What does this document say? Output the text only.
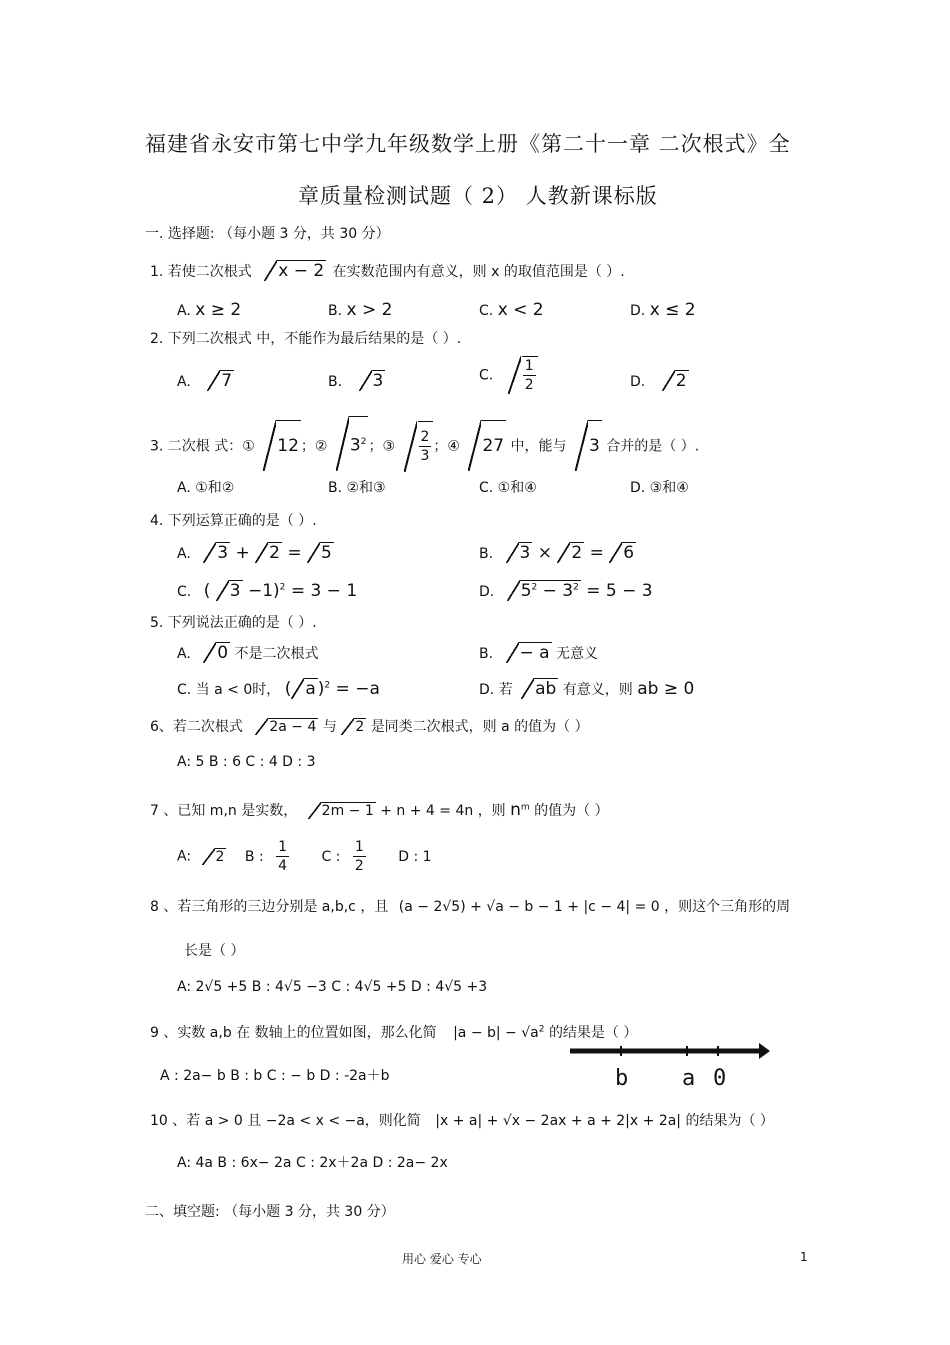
福建省永安市第七中学九年级数学上册《第二十一章 二次根式》全
章质量检测试题（ 2） 人教新课标版
一. 选择题: （每小题 3 分，共 30 分）
1. 若使二次根式 x − 2 在实数范围内有意义，则 x 的取值范围是（ ）.
A. x ≥ 2	B. x > 2	C. x < 2	D. x ≤ 2
2. 下列二次根式 中，不能作为最后结果的是（ ）.
A. 7	B. 3	C. $\frac{1}{2}$	D. 2
3. 二次根 式：① 12 ；② $3^2$ ；③ $\frac{2}{3}$ ；④ 27 中，能与 3 合并的是（ ）.
A. ①和②	B. ②和③	C. ①和④	D. ③和④
4. 下列运算正确的是（ ）.
A. 3 + 2 = 5	B. 3 × 2 = 6
C. ( 3 −1)$^2$ = 3 − 1	D. $5^2 - 3^2 = 5 - 3$
5. 下列说法正确的是（ ）.
A. 0 不是二次根式	B. − a 无意义
C. 当 a < 0时， ( a )$^2$ = −a	D. 若 ab 有意义，则 ab ≥ 0
6、若二次根式 2a − 4 与 2 是同类二次根式，则 a 的值为（ ）
A: 5 B : 6 C : 4 D : 3
7 、已知 m,n 是实数， 2m − 1 + n + 4 = 4n ，则 $n^m$ 的值为（ ）
A: 2 B : $\frac{1}{4}$ C : $\frac{1}{2}$ D : 1
8 、若三角形的三边分别是 a,b,c ，且 (a − 2√5) + √a − b − 1 + |c − 4| = 0 ，则这个三角形的周
长是（ ）
A: 2√5 +5 B : 4√5 −3 C : 4√5 +5 D : 4√5 +3
9 、实数 a,b 在 数轴上的位置如图，那么化简 $|a - b| - √a^2$ 的结果是（ ）
A : 2a− b B : b C : − b D : -2a＋b	b a 0
10 、若 a > 0 且 −2a < x < −a，则化简 |x + a| + √x − 2ax + a + 2|x + 2a| 的结果为（ ）
A: 4a B : 6x− 2a C : 2x＋2a D : 2a− 2x
二、填空题: （每小题 3 分，共 30 分）
用心 爱心 专心	1
